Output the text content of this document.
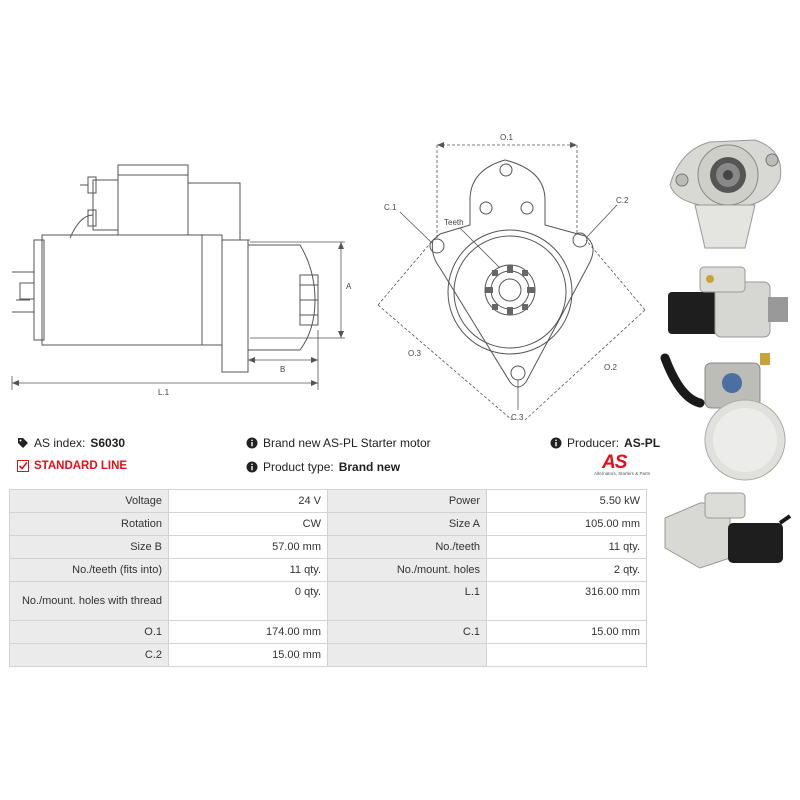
A
B
L.1
O.1
C.1
C.2
Teeth
O.3
O.2
C.3
AS index: S6030
STANDARD LINE
Brand new AS-PL Starter motor
Product type: Brand new
Producer: AS-PL
AS
Alternators, Starters & Parts
Voltage	24 V	Power	5.50 kW
Rotation	CW	Size A	105.00 mm
Size B	57.00 mm	No./teeth	11 qty.
No./teeth (fits into)	11 qty.	No./mount. holes	2 qty.
No./mount. holes with thread	0 qty.	L.1	316.00 mm
O.1	174.00 mm	C.1	15.00 mm
C.2	15.00 mm		
